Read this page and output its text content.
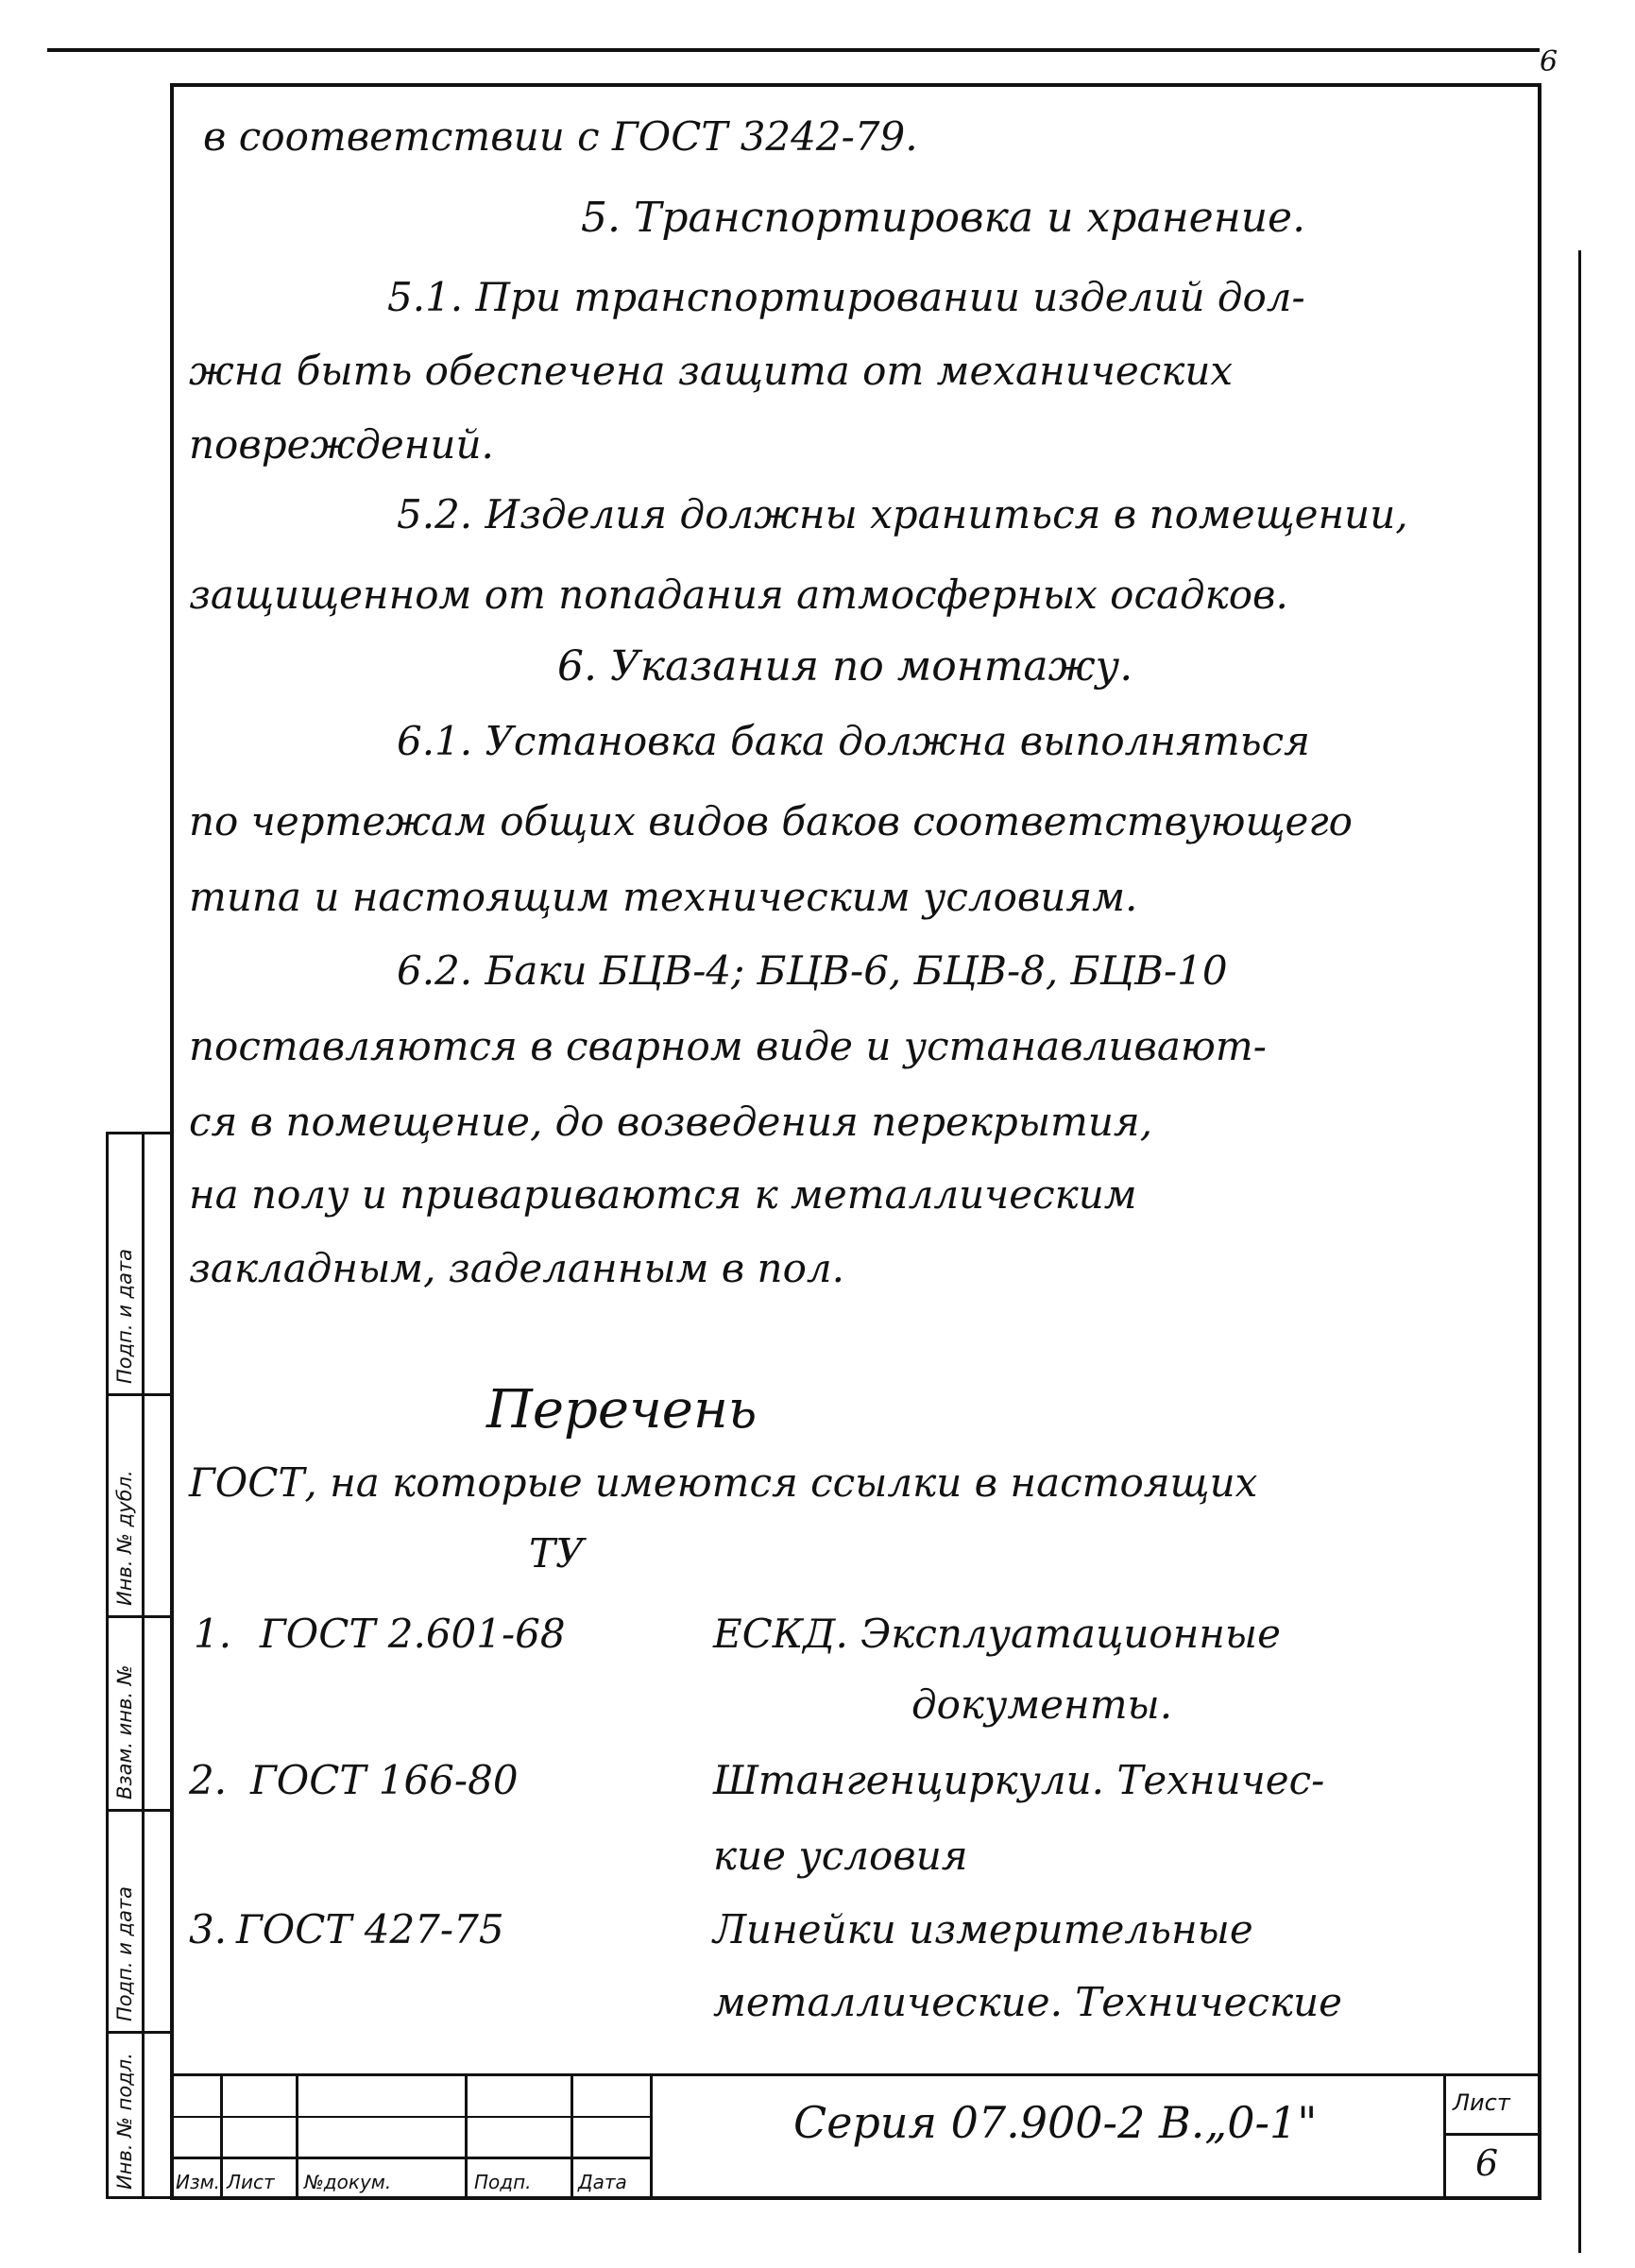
6
в соответствии с ГОСТ 3242-79.
5. Транспортировка и хранение.
5.1. При транспортировании изделий дол-
жна быть обеспечена защита от механических
повреждений.
5.2. Изделия должны храниться в помещении,
защищенном от попадания атмосферных осадков.
6. Указания по монтажу.
6.1. Установка бака должна выполняться
по чертежам общих видов баков соответствующего
типа и настоящим техническим условиям.
6.2. Баки БЦВ-4; БЦВ-6, БЦВ-8, БЦВ-10
поставляются в сварном виде и устанавливают-
ся в помещение, до возведения перекрытия,
на полу и привариваются к металлическим
закладным, заделанным в пол.
Перечень
ГОСТ, на которые имеются ссылки в настоящих
ТУ
1. ГОСТ 2.601-68	ЕСКД. Эксплуатационные
документы.
2. ГОСТ 166-80	Штангенциркули. Техничес-
кие условия
3. ГОСТ 427-75	Линейки измерительные
металлические. Технические
Инв. № подл.
Подп. и дата
Взам. инв. №
Инв. № дубл.
Подп. и дата
Изм. Лист №докум.	Подп. Дата
Серия 07.900-2 В.„0-1"	Лист
6
